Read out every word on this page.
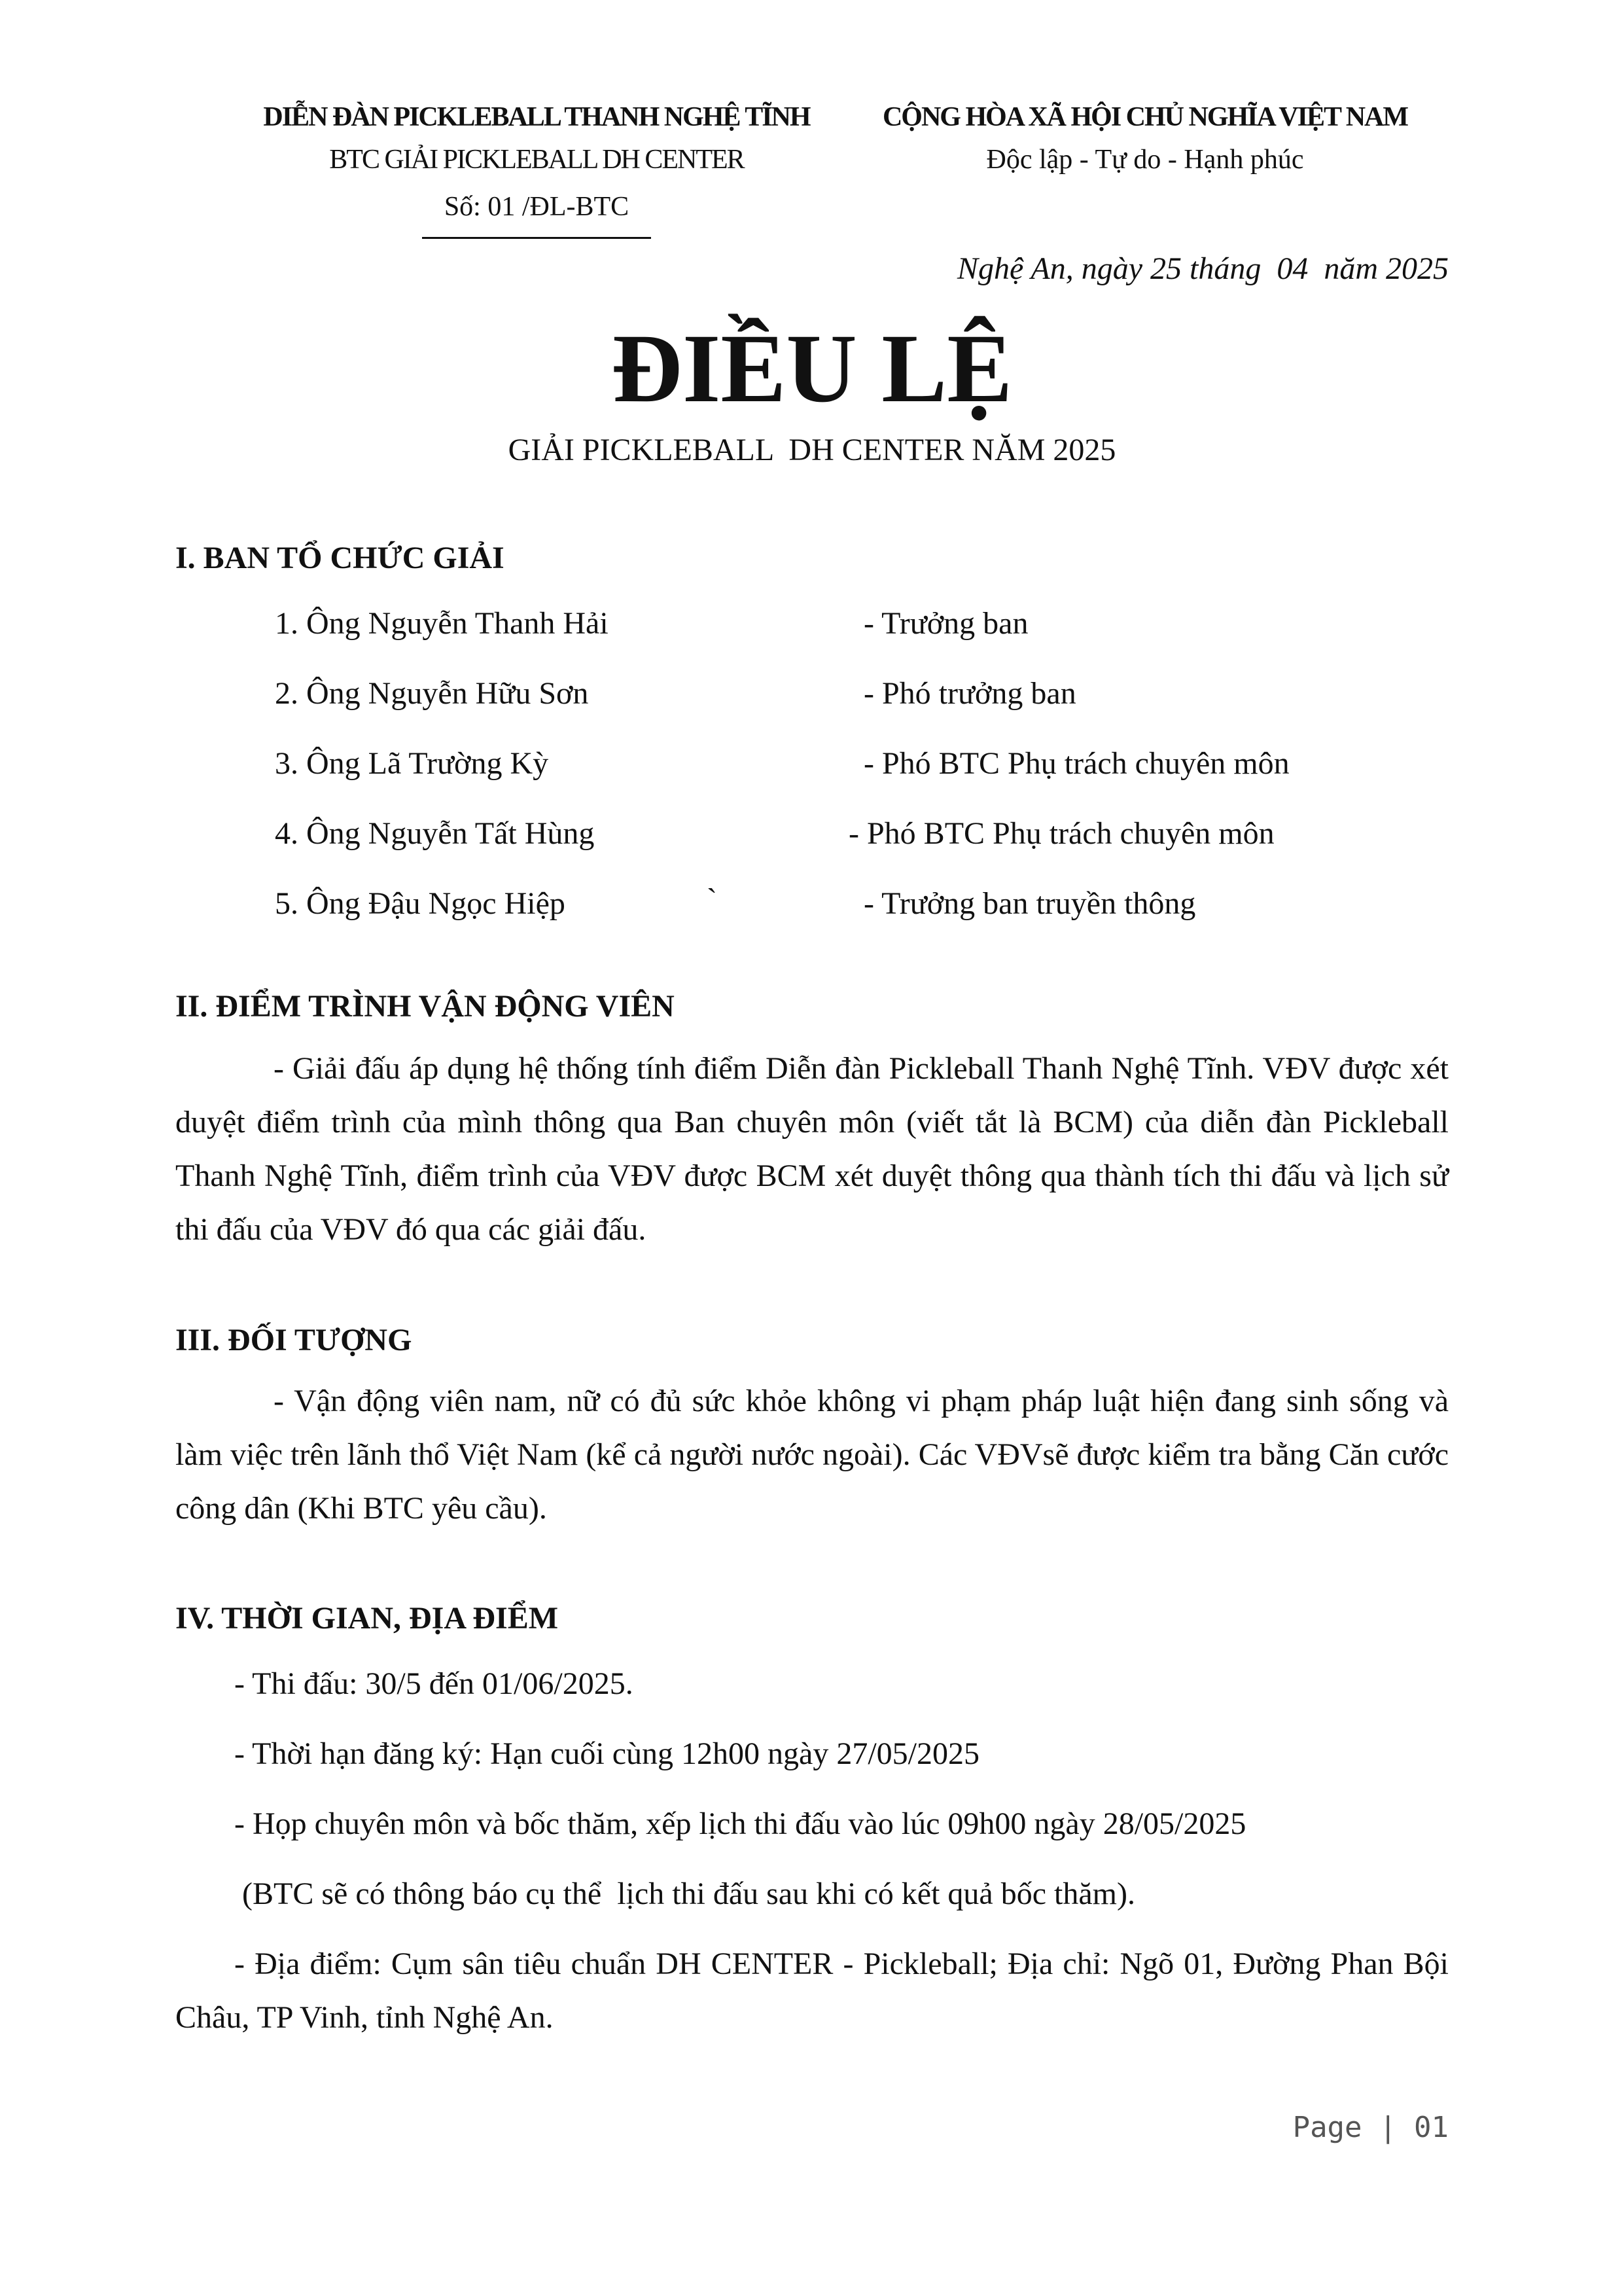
DIỄN ĐÀN PICKLEBALL THANH NGHỆ TĨNH
BTC GIẢI PICKLEBALL DH CENTER
Số: 01 /ĐL-BTC
CỘNG HÒA XÃ HỘI CHỦ NGHĨA VIỆT NAM
Độc lập - Tự do - Hạnh phúc
Nghệ An, ngày 25 tháng  04  năm 2025
ĐIỀU LỆ
GIẢI PICKLEBALL  DH CENTER NĂM 2025
I. BAN TỔ CHỨC GIẢI
1. Ông Nguyễn Thanh Hải	- Trưởng ban
2. Ông Nguyễn Hữu Sơn	- Phó trưởng ban
3. Ông Lã Trường Kỳ	- Phó BTC Phụ trách chuyên môn
4. Ông Nguyễn Tất Hùng	- Phó BTC Phụ trách chuyên môn
5. Ông Đậu Ngọc Hiệp	`	- Trưởng ban truyền thông
II. ĐIỂM TRÌNH VẬN ĐỘNG VIÊN
- Giải đấu áp dụng hệ thống tính điểm Diễn đàn Pickleball Thanh Nghệ Tĩnh. VĐV được xét duyệt điểm trình của mình thông qua Ban chuyên môn (viết tắt là BCM) của diễn đàn Pickleball Thanh Nghệ Tĩnh, điểm trình của VĐV được BCM xét duyệt thông qua thành tích thi đấu và lịch sử thi đấu của VĐV đó qua các giải đấu.
III. ĐỐI TƯỢNG
- Vận động viên nam, nữ có đủ sức khỏe không vi phạm pháp luật hiện đang sinh sống và làm việc trên lãnh thổ Việt Nam (kể cả người nước ngoài). Các VĐVsẽ được kiểm tra bằng Căn cước công dân (Khi BTC yêu cầu).
IV. THỜI GIAN, ĐỊA ĐIỂM
- Thi đấu: 30/5 đến 01/06/2025.
- Thời hạn đăng ký: Hạn cuối cùng 12h00 ngày 27/05/2025
- Họp chuyên môn và bốc thăm, xếp lịch thi đấu vào lúc 09h00 ngày 28/05/2025
(BTC sẽ có thông báo cụ thể  lịch thi đấu sau khi có kết quả bốc thăm).
- Địa điểm: Cụm sân tiêu chuẩn DH CENTER - Pickleball; Địa chỉ: Ngõ 01, Đường Phan Bội Châu, TP Vinh, tỉnh Nghệ An.
Page | 01
